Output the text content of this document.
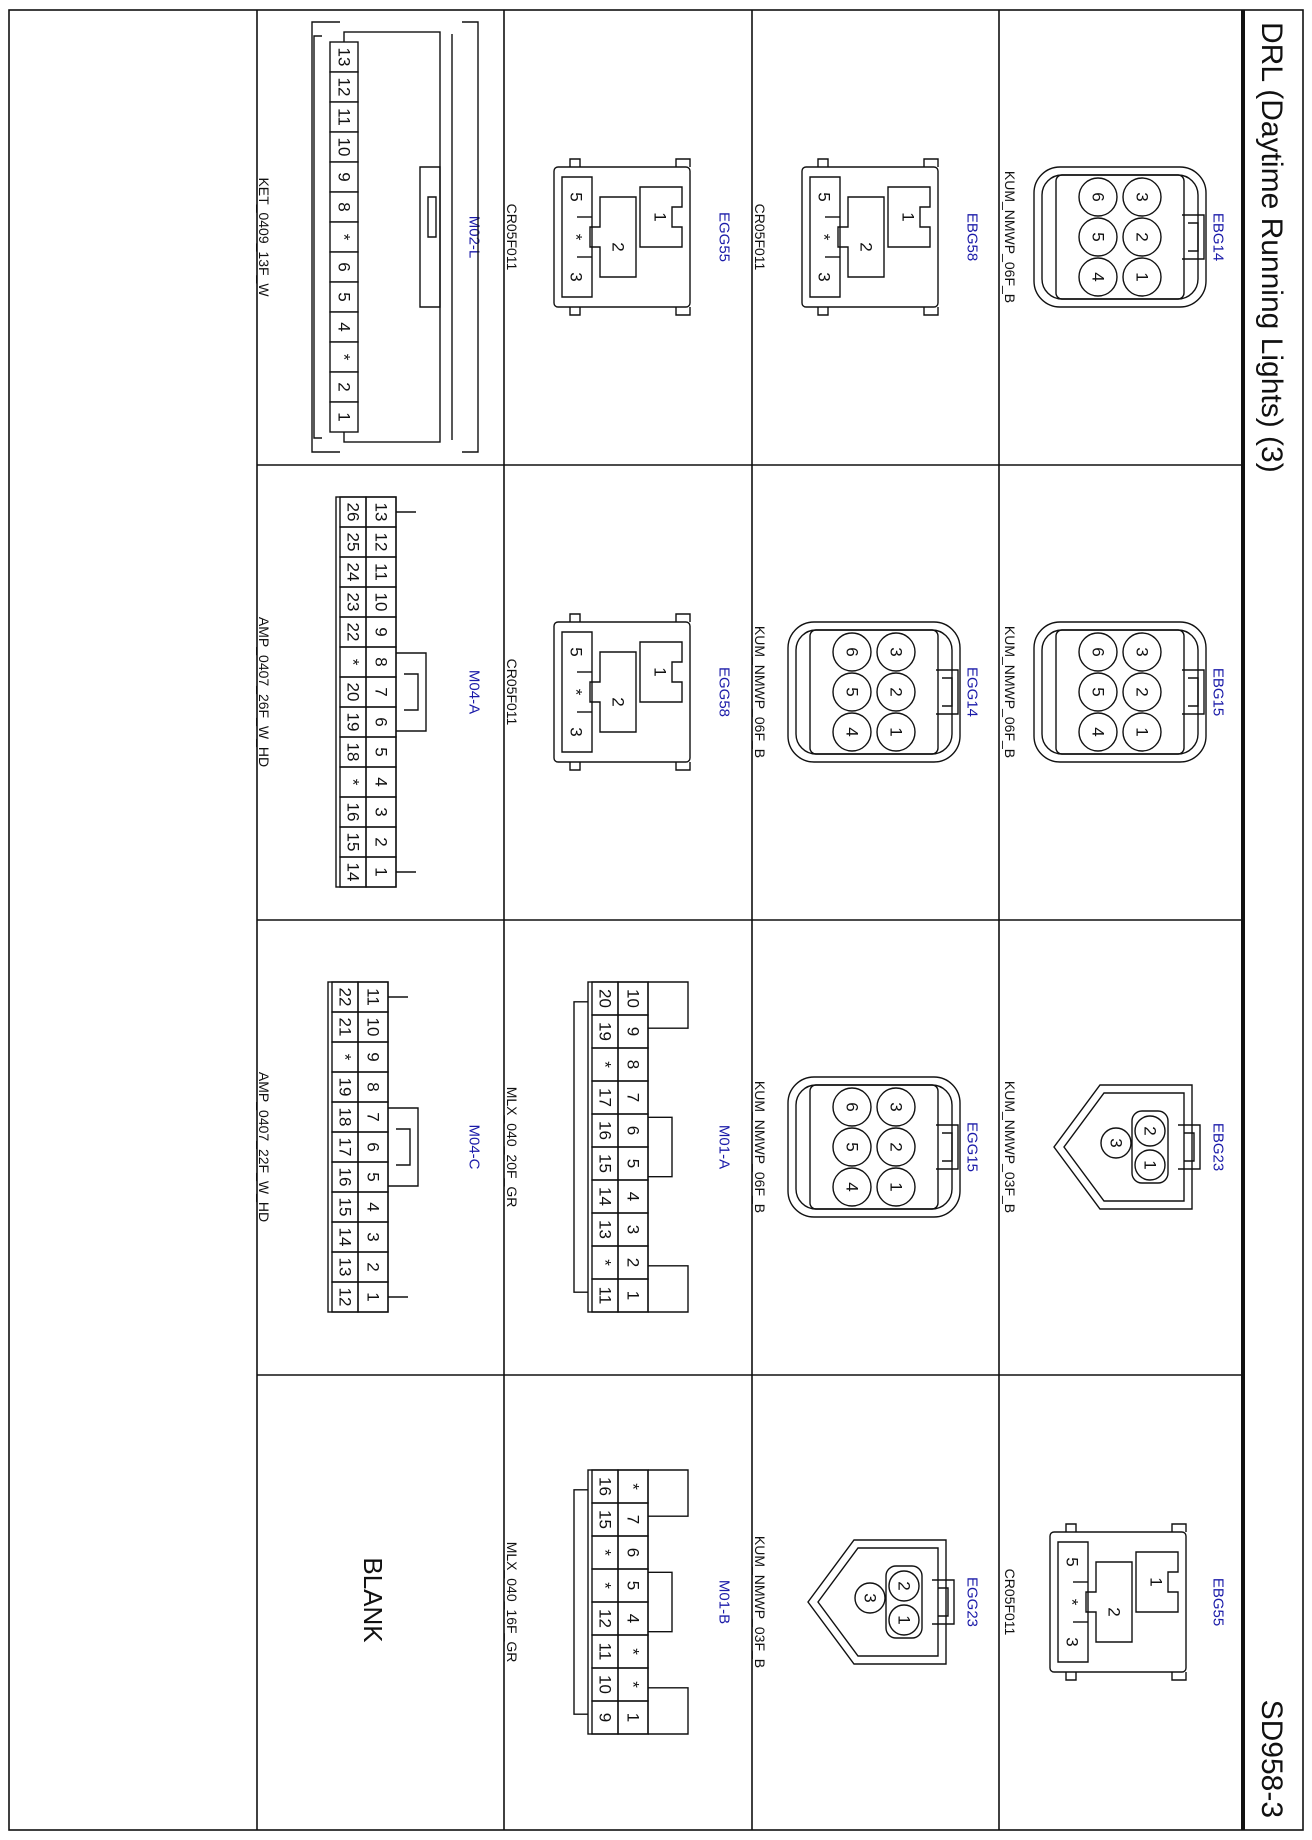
DRL (Daytime Running Lights) (3)
SD958-3
BLANK
EBG14
KUM_NMWP_06F_B	3
2
1
6
5
4
EBG15
KUM_NMWP_06F_B	3
2
1
6
5
4
EBG23
KUM_NMWP_03F_B	2
1
3
EBG55
CR05F011	1
2
5
*
3
EBG58
CR05F011	1
2
5
*
3
EGG14
KUM_NMWP_06F_B	3
2
1
6
5
4
EGG15
KUM_NMWP_06F_B	3
2
1
6
5
4
EGG23
KUM_NMWP_03F_B	2
1
3
EGG55
CR05F011	1
2
5
*
3
EGG58
CR05F011	1
2
5
*
3
M01-A
MLX_040_20F_GR
10
9
8
7
6
5
4
3
2
1
20
19
*
17
16
15
14
13
*
11
M01-B
MLX_040_16F_GR
*
7
6
5
4
*
*
1
16
15
*
*
12
11
10
9
M02-L
KET_0409_13F_W
13
12
11
10
9
8
*
6
5
4
*
2
1
M04-A
AMP_0407_26F_W_HD
13
12
11
10
9
8
7
6
5
4
3
2
1
26
25
24
23
22
*
20
19
18
*
16
15
14
M04-C
AMP_0407_22F_W_HD
11
10
9
8
7
6
5
4
3
2
1
22
21
*
19
18
17
16
15
14
13
12
